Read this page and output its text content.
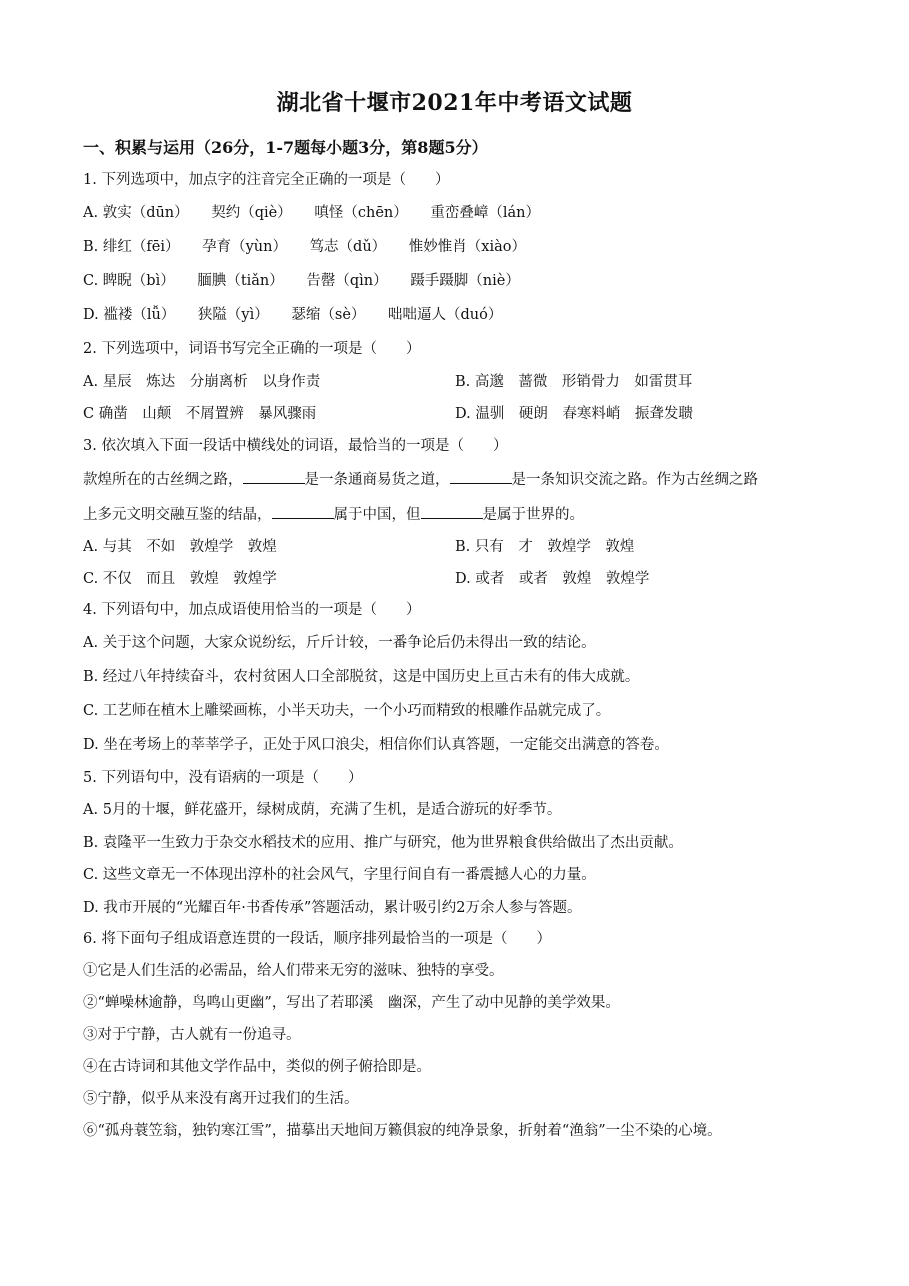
湖北省十堰市2021年中考语文试题
一、积累与运用（26分，1-7题每小题3分，第8题5分）
1. 下列选项中，加点字的注音完全正确的一项是（　　）
A. 敦实（dūn） 契约（qiè） 嗔怪（chēn） 重峦叠嶂（lán）
B. 绯红（fēi） 孕育（yùn） 笃志（dǔ） 惟妙惟肖（xiào）
C. 睥睨（bì） 腼腆（tiǎn） 告罄（qìn） 蹑手蹑脚（niè）
D. 褴褛（lǚ） 狭隘（yì） 瑟缩（sè） 咄咄逼人（duó）
2. 下列选项中，词语书写完全正确的一项是（　　）
A. 星辰　炼达　分崩离析　以身作责	B. 高邈　蔷微　形销骨力　如雷贯耳
C 确凿　山颠　不屑置辨　暴风骤雨	D. 温驯　硬朗　春寒料峭　振聋发聩
3. 依次填入下面一段话中横线处的词语，最恰当的一项是（　　）
款煌所在的古丝绸之路，	是一条通商易货之道，	是一条知识交流之路。作为古丝绸之路
上多元文明交融互鉴的结晶，	属于中国，但	是属于世界的。
A. 与其　不如　敦煌学　敦煌	B. 只有　才　敦煌学　敦煌
C. 不仅　而且　敦煌　敦煌学	D. 或者　或者　敦煌　敦煌学
4. 下列语句中，加点成语使用恰当的一项是（　　）
A. 关于这个问题，大家众说纷纭，斤斤计较，一番争论后仍未得出一致的结论。
B. 经过八年持续奋斗，农村贫困人口全部脱贫，这是中国历史上亘古未有的伟大成就。
C. 工艺师在植木上雕梁画栋，小半天功夫，一个小巧而精致的根雕作品就完成了。
D. 坐在考场上的莘莘学子，正处于风口浪尖，相信你们认真答题，一定能交出满意的答卷。
5. 下列语句中，没有语病的一项是（　　）
A. 5月的十堰，鲜花盛开，绿树成荫，充满了生机，是适合游玩的好季节。
B. 袁隆平一生致力于杂交水稻技术的应用、推广与研究，他为世界粮食供给做出了杰出贡献。
C. 这些文章无一不体现出淳朴的社会风气，字里行间自有一番震撼人心的力量。
D. 我市开展的“光耀百年·书香传承”答题活动，累计吸引约2万余人参与答题。
6. 将下面句子组成语意连贯的一段话，顺序排列最恰当的一项是（　　）
①它是人们生活的必需品，给人们带来无穷的滋味、独特的享受。
②“蝉噪林逾静，鸟鸣山更幽”，写出了若耶溪　幽深，产生了动中见静的美学效果。
③对于宁静，古人就有一份追寻。
④在古诗词和其他文学作品中，类似的例子俯拾即是。
⑤宁静，似乎从来没有离开过我们的生活。
⑥“孤舟蓑笠翁，独钓寒江雪”，描摹出天地间万籁俱寂的纯净景象，折射着“渔翁”一尘不染的心境。
